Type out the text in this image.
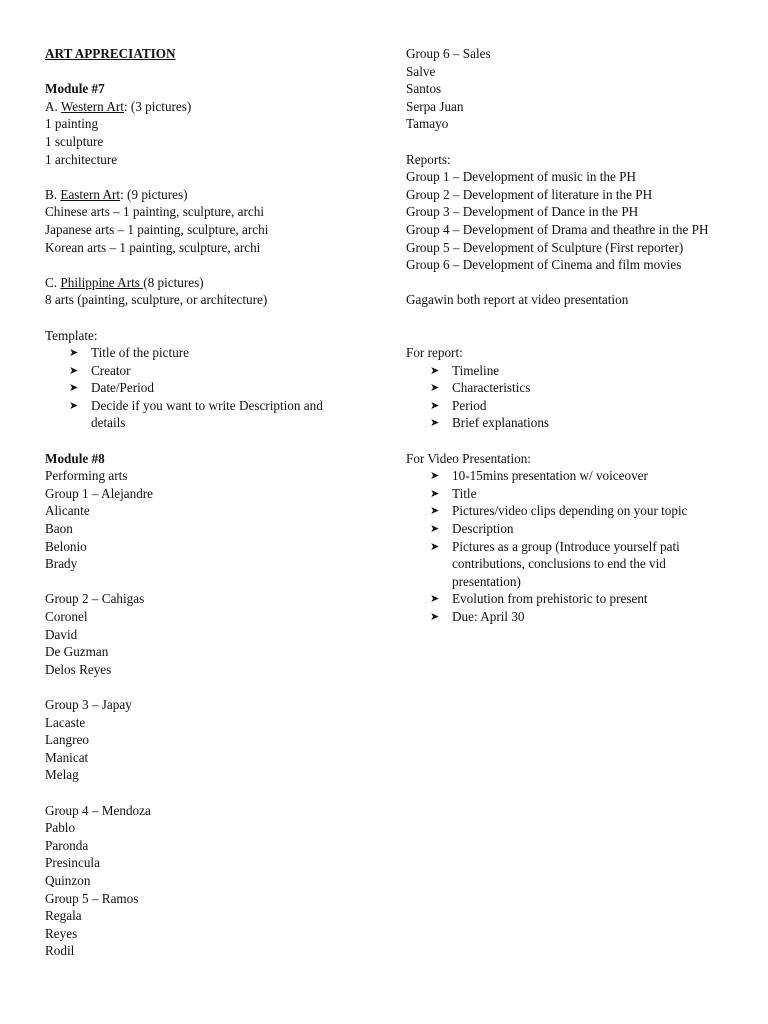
ART APPRECIATION
Module #7
A. Western Art: (3 pictures)
1 painting
1 sculpture
1 architecture
B. Eastern Art: (9 pictures)
Chinese arts – 1 painting, sculpture, archi
Japanese arts – 1 painting, sculpture, archi
Korean arts – 1 painting, sculpture, archi
C. Philippine Arts (8 pictures)
8 arts (painting, sculpture, or architecture)
Template:
➤ Title of the picture
➤ Creator
➤ Date/Period
➤ Decide if you want to write Description and details
Module #8
Performing arts
Group 1 – Alejandre
Alicante
Baon
Belonio
Brady
Group 2 – Cahigas
Coronel
David
De Guzman
Delos Reyes
Group 3 – Japay
Lacaste
Langreo
Manicat
Melag
Group 4 – Mendoza
Pablo
Paronda
Presincula
Quinzon
Group 5 – Ramos
Regala
Reyes
Rodil
Group 6 – Sales
Salve
Santos
Serpa Juan
Tamayo
Reports:
Group 1 – Development of music in the PH
Group 2 – Development of literature in the PH
Group 3 – Development of Dance in the PH
Group 4 – Development of Drama and theathre in the PH
Group 5 – Development of Sculpture (First reporter)
Group 6 – Development of Cinema and film movies
Gagawin both report at video presentation
For report:
➤ Timeline
➤ Characteristics
➤ Period
➤ Brief explanations
For Video Presentation:
➤ 10-15mins presentation w/ voiceover
➤ Title
➤ Pictures/video clips depending on your topic
➤ Description
➤ Pictures as a group (Introduce yourself pati contributions, conclusions to end the vid presentation)
➤ Evolution from prehistoric to present
➤ Due: April 30
